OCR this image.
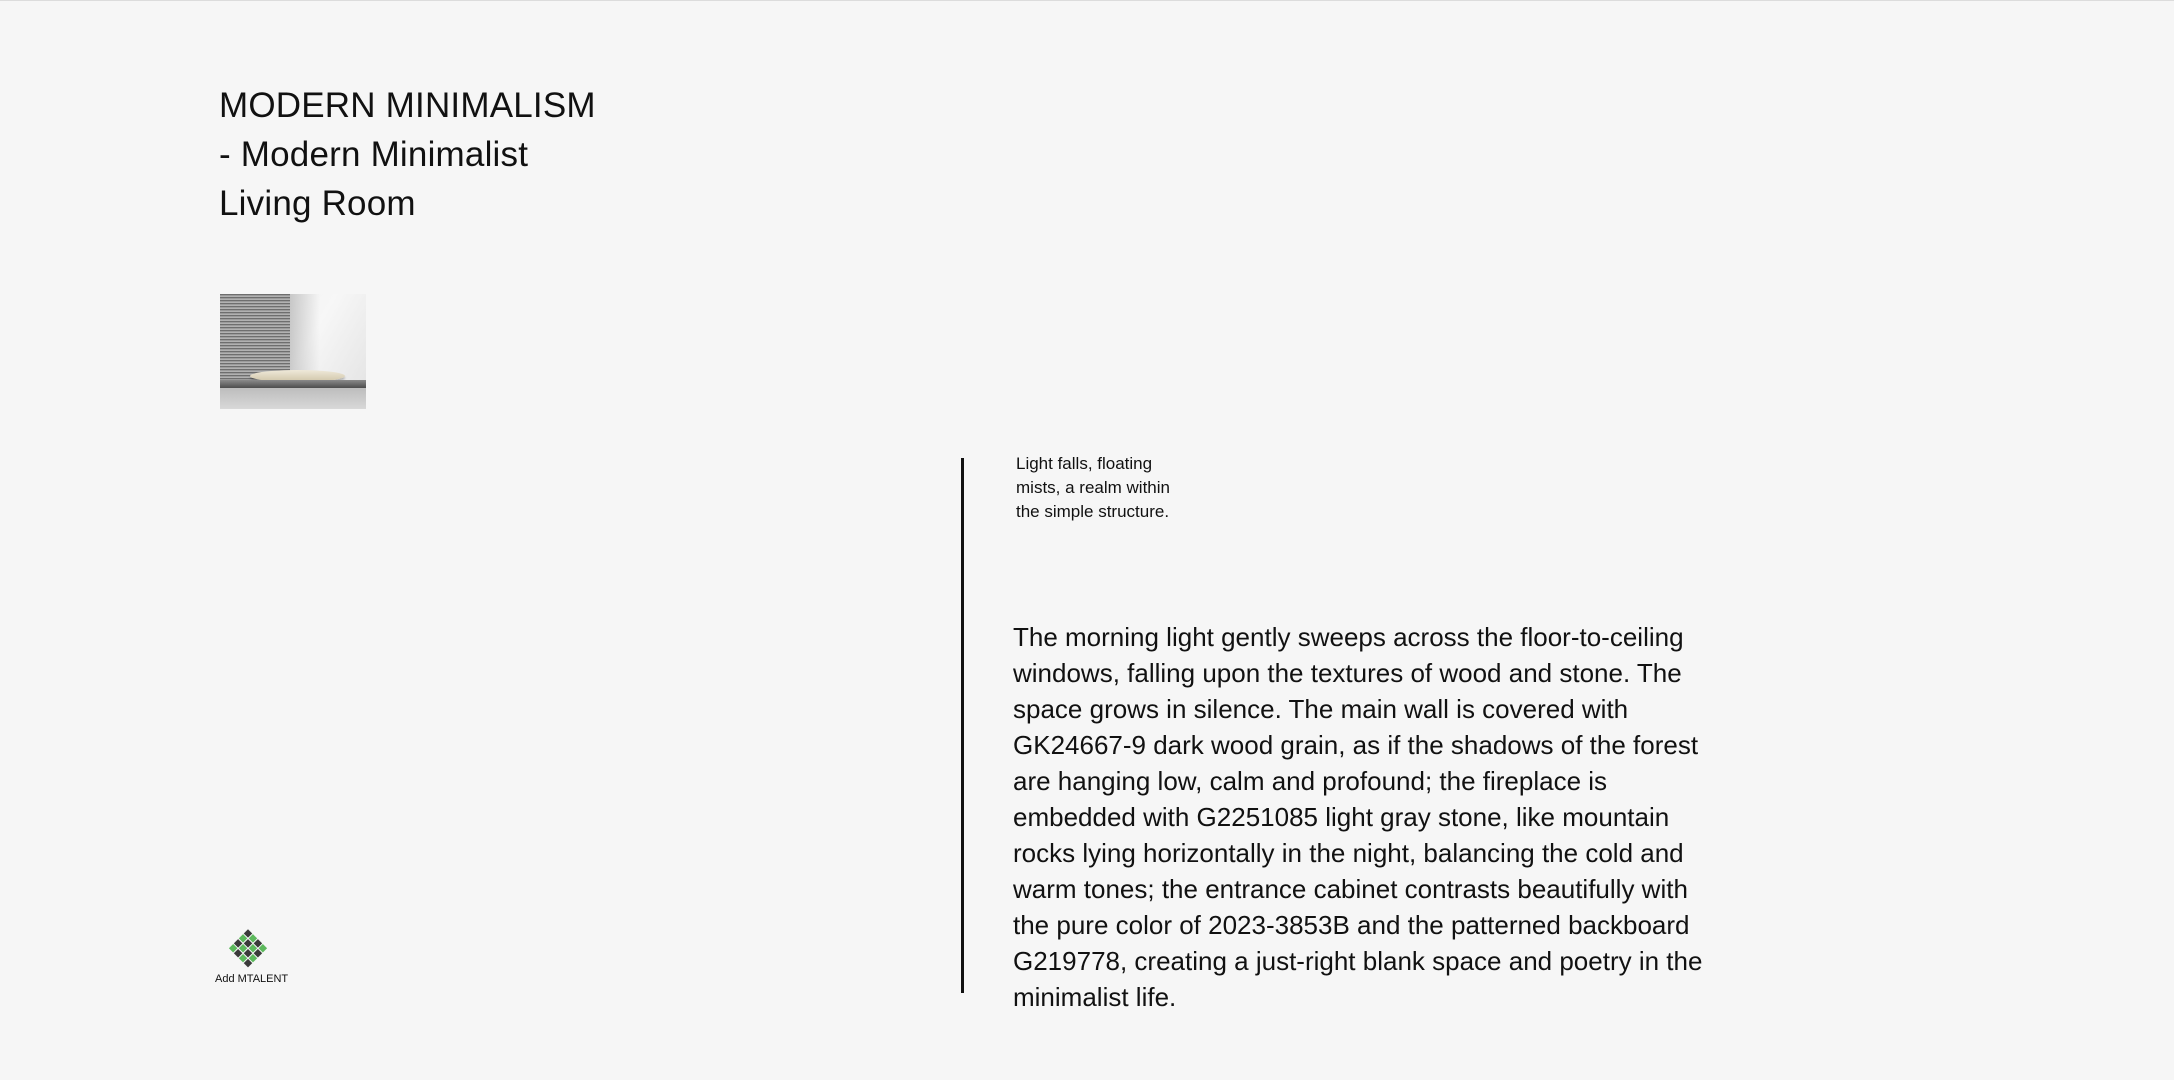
MODERN MINIMALISM
- Modern Minimalist
Living Room

Light falls, floating mists, a realm within the simple structure.

The morning light gently sweeps across the floor-to-ceiling windows, falling upon the textures of wood and stone. The space grows in silence. The main wall is covered with GK24667-9 dark wood grain, as if the shadows of the forest are hanging low, calm and profound; the fireplace is embedded with G2251085 light gray stone, like mountain rocks lying horizontally in the night, balancing the cold and warm tones; the entrance cabinet contrasts beautifully with the pure color of 2023-3853B and the patterned backboard G219778, creating a just-right blank space and poetry in the minimalist life.

Add MTALENT
